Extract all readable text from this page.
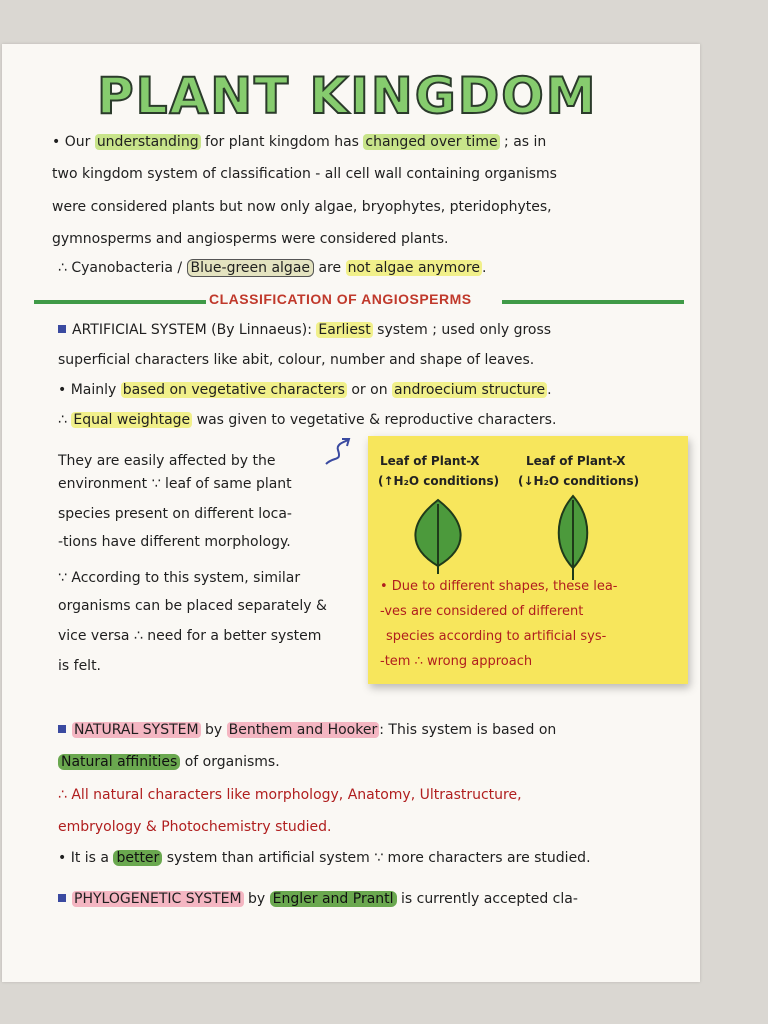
PLANT KINGDOM
• Our understanding for plant kingdom has changed over time ; as in
two kingdom system of classification - all cell wall containing organisms
were considered plants but now only algae, bryophytes, pteridophytes,
gymnosperms and angiosperms were considered plants.
∴ Cyanobacteria / Blue-green algae are not algae anymore .
CLASSIFICATION OF ANGIOSPERMS
ARTIFICIAL SYSTEM (By Linnaeus): Earliest system ; used only gross
superficial characters like abit, colour, number and shape of leaves.
• Mainly based on vegetative characters or on androecium structure .
∴ Equal weightage was given to vegetative & reproductive characters.
They are easily affected by the
environment ∵ leaf of same plant
species present on different loca-
-tions have different morphology.
∵ According to this system, similar
organisms can be placed separately &
vice versa ∴ need for a better system
is felt.
Leaf of Plant-X
(↑H₂O conditions)
Leaf of Plant-X
(↓H₂O conditions)
• Due to different shapes, these lea-
-ves are considered of different
species according to artificial sys-
-tem ∴ wrong approach
NATURAL SYSTEM by Benthem and Hooker : This system is based on
Natural affinities of organisms.
∴ All natural characters like morphology, Anatomy, Ultrastructure,
embryology & Photochemistry studied.
• It is a better system than artificial system ∵ more characters are studied.
PHYLOGENETIC SYSTEM by Engler and Prantl is currently accepted cla-
